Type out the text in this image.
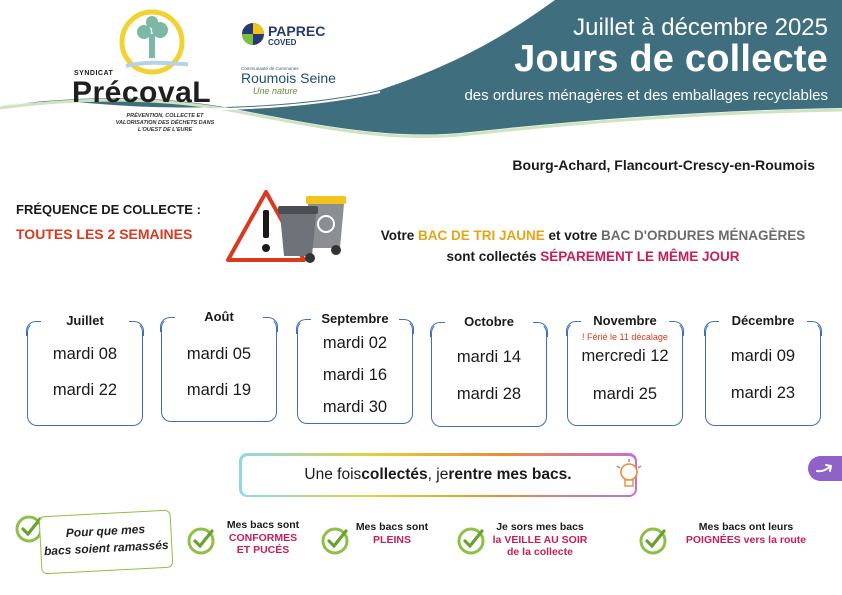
Juillet à décembre 2025
Jours de collecte
des ordures ménagères et des emballages recyclables
SYNDICAT
PrécovaL
PRÉVENTION, COLLECTE ET VALORISATION DES DÉCHETS DANS L'OUEST DE L'EURE
PAPREC
COVED
Communauté de Communes
Roumois Seine
Une nature
Bourg-Achard, Flancourt-Crescy-en-Roumois
FRÉQUENCE DE COLLECTE :
TOUTES LES 2 SEMAINES	Votre BAC DE TRI JAUNE et votre BAC D'ORDURES MÉNAGÈRES
sont collectés SÉPAREMENT LE MÊME JOUR
Juillet
mardi 08
mardi 22
Août
mardi 05
mardi 19
Septembre
mardi 02
mardi 16
mardi 30
Octobre
mardi 14
mardi 28
Novembre
! Férié le 11 décalage
mercredi 12
mardi 25
Décembre
mardi 09
mardi 23
Une fois collectés , je rentre mes bacs.
Pour que mes
bacs soient ramassés
Mes bacs sont
CONFORMES
ET PUCÉS
Mes bacs sont
PLEINS
Je sors mes bacs
la VEILLE AU SOIR
de la collecte
Mes bacs ont leurs
POIGNÉES vers la route
